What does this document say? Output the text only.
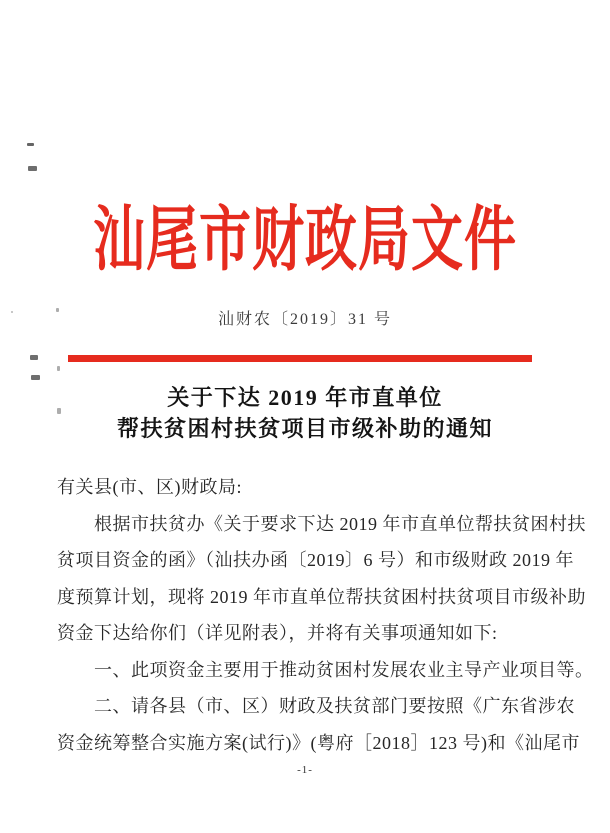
汕尾市财政局文件
汕财农〔2019〕31 号
关于下达 2019 年市直单位
帮扶贫困村扶贫项目市级补助的通知

有关县(市、区)财政局:

根据市扶贫办《关于要求下达 2019 年市直单位帮扶贫困村扶

贫项目资金的函》（汕扶办函〔2019〕6 号）和市级财政 2019 年

度预算计划，现将 2019 年市直单位帮扶贫困村扶贫项目市级补助

资金下达给你们（详见附表），并将有关事项通知如下:

一、此项资金主要用于推动贫困村发展农业主导产业项目等。

二、请各县（市、区）财政及扶贫部门要按照《广东省涉农

资金统筹整合实施方案(试行)》(粤府［2018］123 号)和《汕尾市

-1-
